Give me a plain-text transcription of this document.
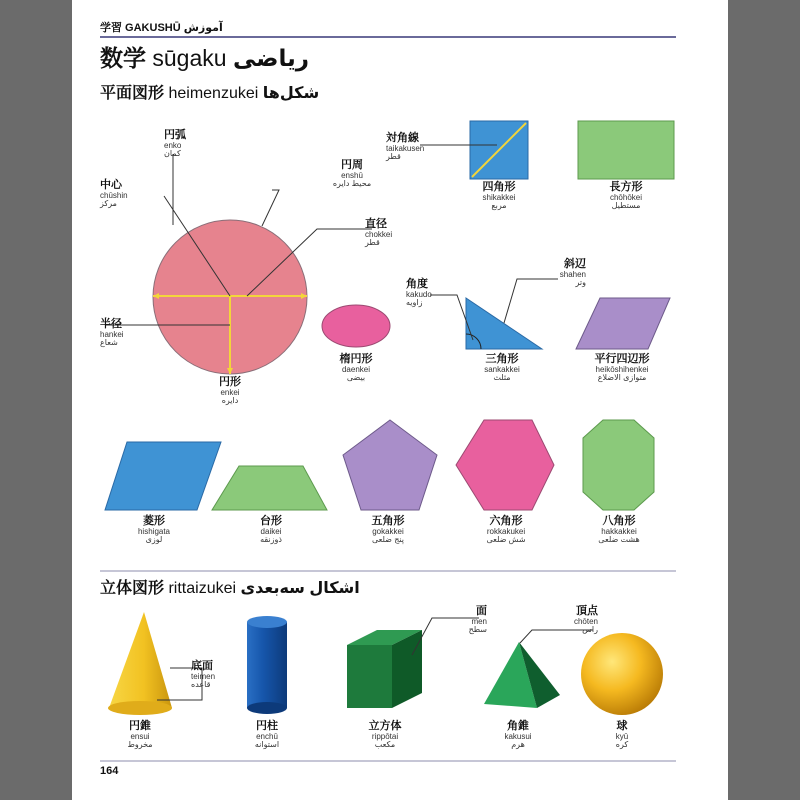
学習 GAKUSHŪ آموزش
数学 sūgaku ریاضی
平面図形 heimenzukei شکل‌ها
立体図形 rittaizukei اشکال سه‌بعدی
円弧
enko
کمان
円周
enshū
محیط دایره
中心
chūshin
مرکز
直径
chokkei
قطر
半径
hankei
شعاع
円形
enkei
دایره
対角線
taikakusen
قطر
四角形
shikakkei
مربع
長方形
chōhōkei
مستطیل
楕円形
daenkei
بیضی
角度
kakudo
زاویه
斜辺
shahen
وتر
三角形
sankakkei
مثلث
平行四辺形
heikōshihenkei
متوازی الاضلاع
菱形
hishigata
لوزی
台形
daikei
ذوزنقه
五角形
gokakkei
پنج ضلعی
六角形
rokkakukei
شش ضلعی
八角形
hakkakkei
هشت ضلعی
底面
teimen
قاعده
面
men
سطح
頂点
chōten
راس
円錐
ensui
مخروط
円柱
enchū
استوانه
立方体
rippōtai
مکعب
角錐
kakusui
هرم
球
kyū
کره
164
